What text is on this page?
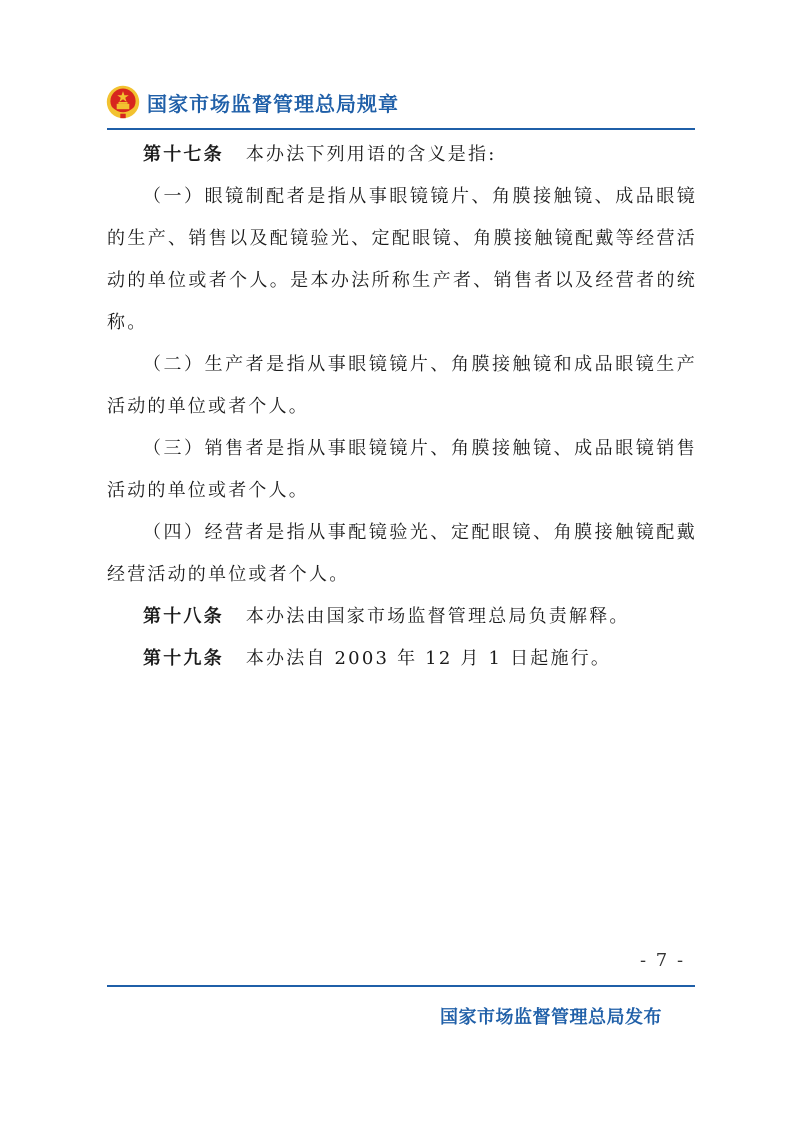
国家市场监督管理总局规章

第十七条 本办法下列用语的含义是指:

（一）眼镜制配者是指从事眼镜镜片、角膜接触镜、成品眼镜的生产、销售以及配镜验光、定配眼镜、角膜接触镜配戴等经营活动的单位或者个人。是本办法所称生产者、销售者以及经营者的统称。

（二）生产者是指从事眼镜镜片、角膜接触镜和成品眼镜生产活动的单位或者个人。

（三）销售者是指从事眼镜镜片、角膜接触镜、成品眼镜销售活动的单位或者个人。

（四）经营者是指从事配镜验光、定配眼镜、角膜接触镜配戴经营活动的单位或者个人。

第十八条 本办法由国家市场监督管理总局负责解释。

第十九条 本办法自 2003 年 12 月 1 日起施行。

- 7 -
国家市场监督管理总局发布
